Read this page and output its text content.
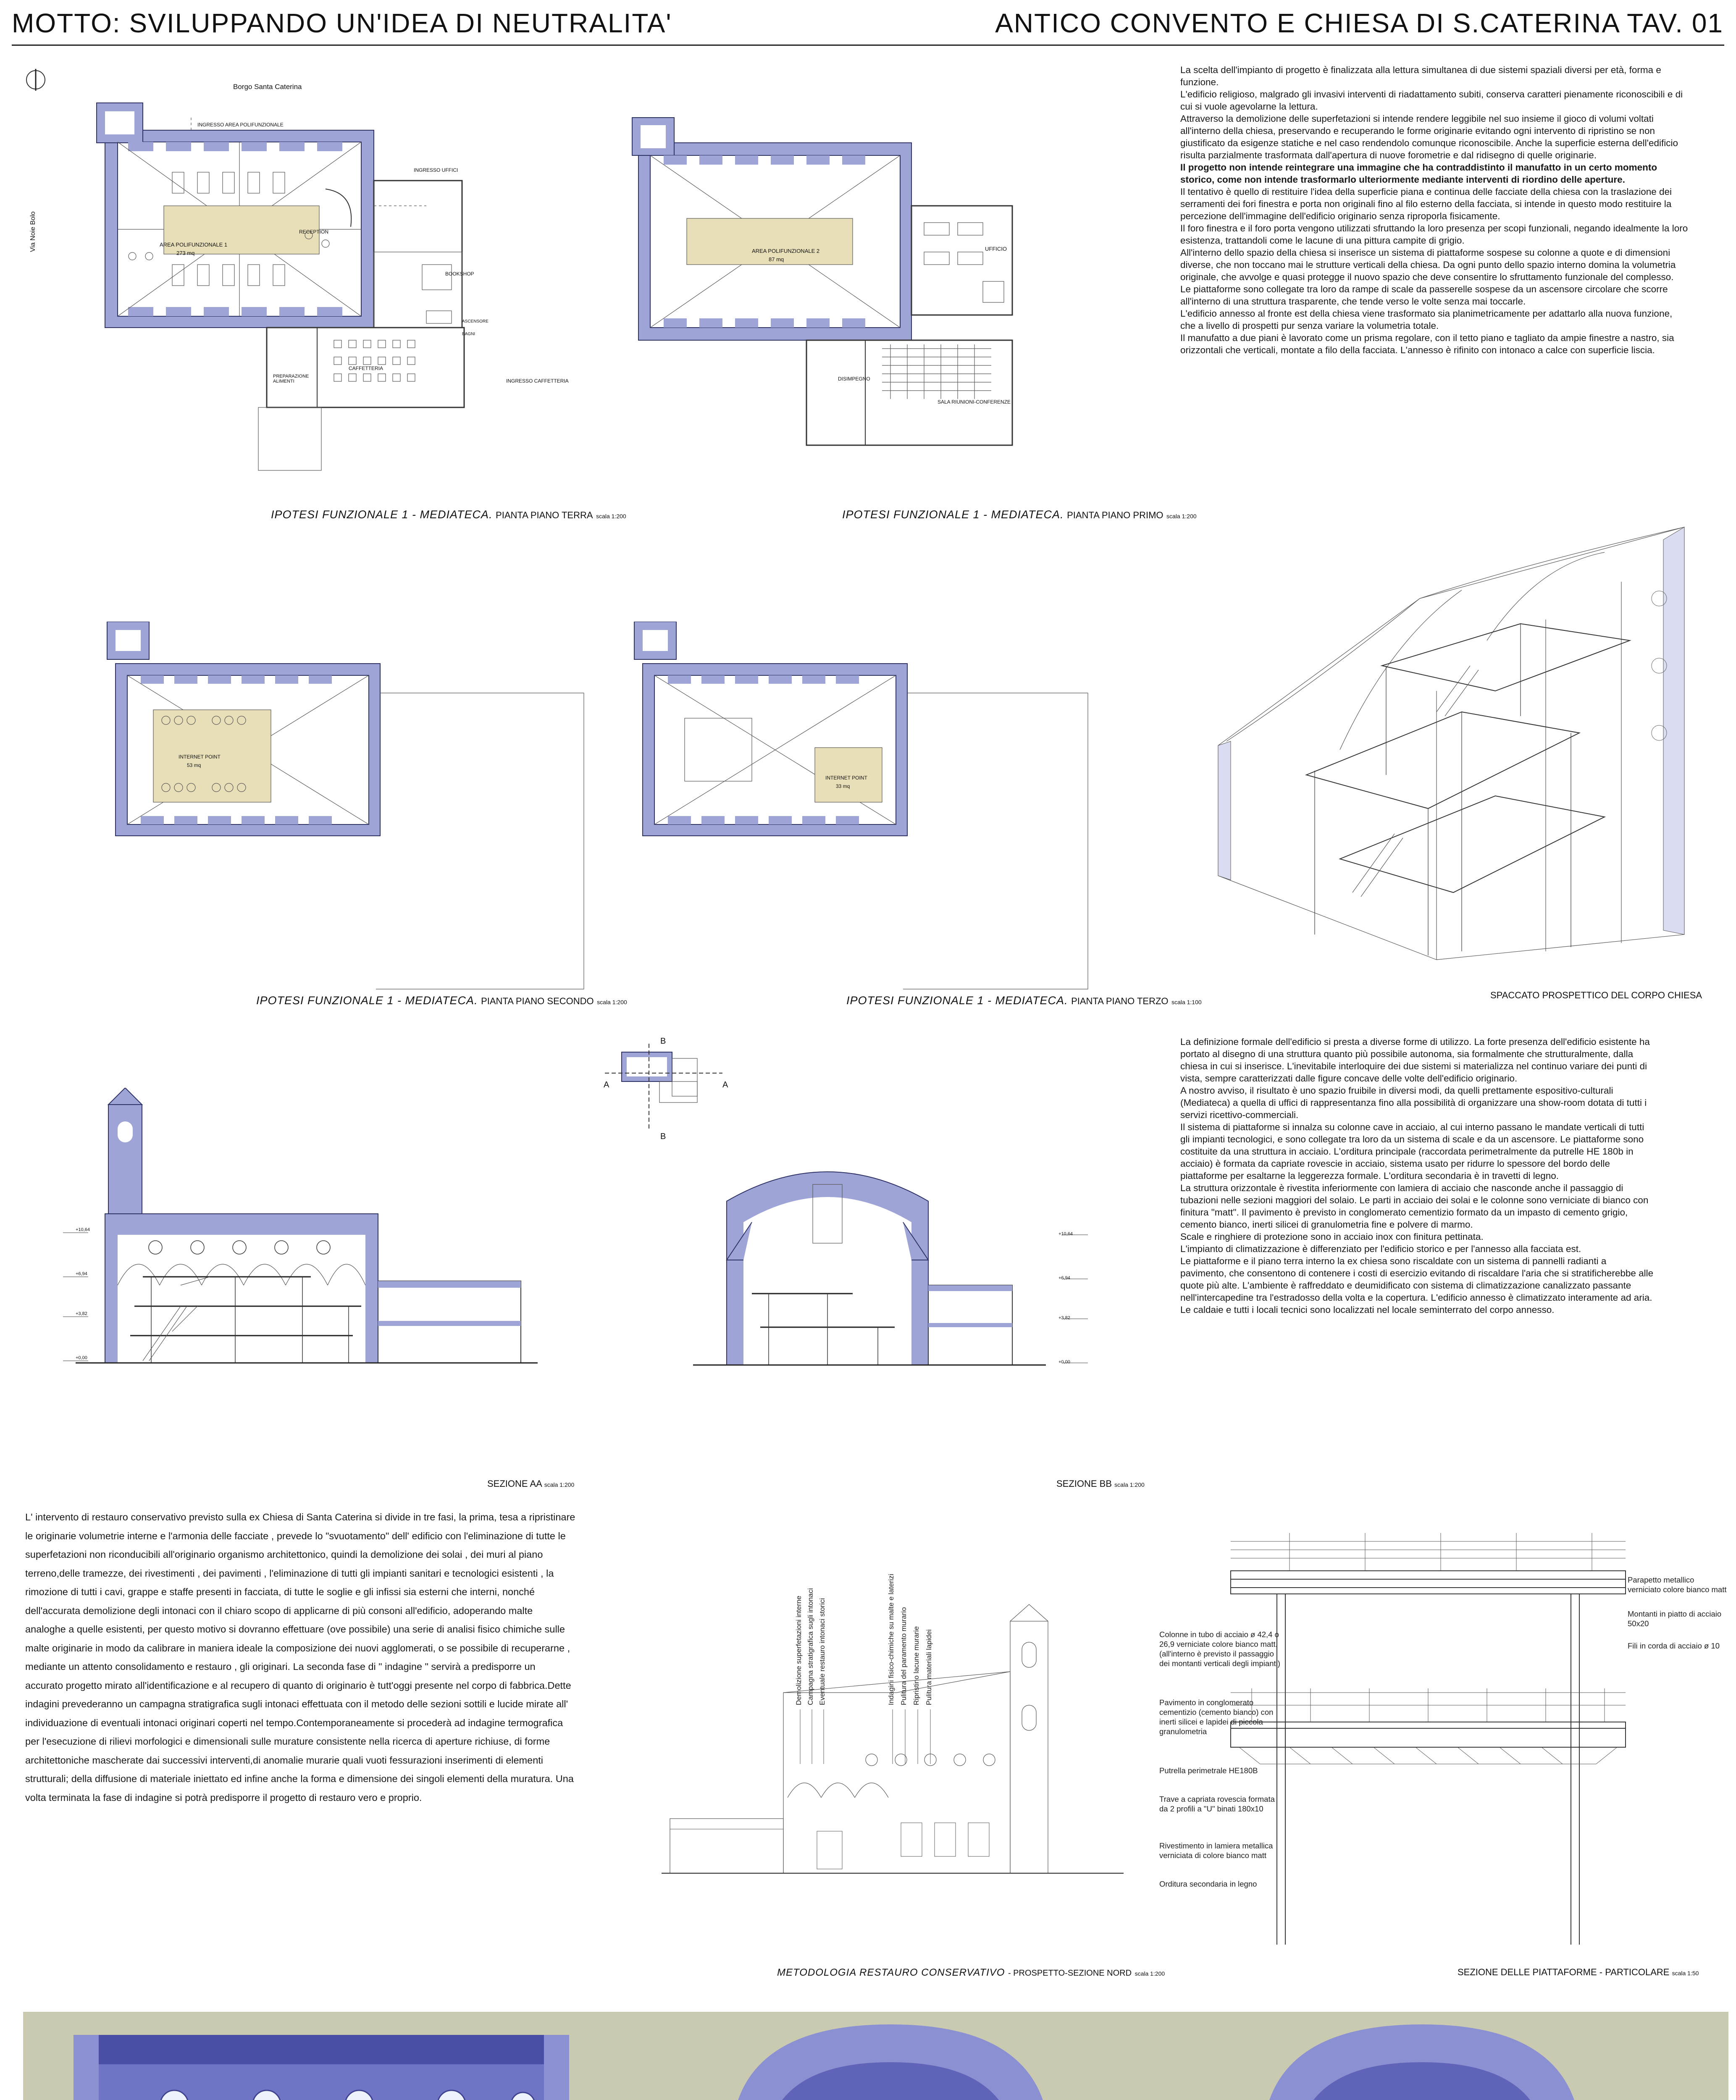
MOTTO: SVILUPPANDO UN'IDEA DI NEUTRALITA'	ANTICO CONVENTO E CHIESA DI S.CATERINA TAV. 01
Borgo Santa Caterina
Via Noie Bolo
INGRESSO AREA POLIFUNZIONALE
AREA POLIFUNZIONALE 1
273 mq
RECEPTION
INGRESSO UFFICI
BOOKSHOP
ASCENSORE
BAGNI
PREPARAZIONE ALIMENTI
CAFFETTERIA
INGRESSO CAFFETTERIA
IPOTESI FUNZIONALE 1 - MEDIATECA. PIANTA PIANO TERRA scala 1:200
AREA POLIFUNZIONALE 2
87 mq
UFFICIO
DISIMPEGNO
SALA RIUNIONI-CONFERENZE
IPOTESI FUNZIONALE 1 - MEDIATECA. PIANTA PIANO PRIMO scala 1:200

La scelta dell'impianto di progetto è finalizzata alla lettura simultanea di due sistemi spaziali diversi per età, forma e funzione.

L'edificio religioso, malgrado gli invasivi interventi di riadattamento subiti, conserva caratteri pienamente riconoscibili e di cui si vuole agevolarne la lettura.

Attraverso la demolizione delle superfetazioni si intende rendere leggibile nel suo insieme il gioco di volumi voltati all'interno della chiesa, preservando e recuperando le forme originarie evitando ogni intervento di ripristino se non giustificato da esigenze statiche e nel caso rendendolo comunque riconoscibile. Anche la superficie esterna dell'edificio risulta parzialmente trasformata dall'apertura di nuove forometrie e dal ridisegno di quelle originarie.

Il progetto non intende reintegrare una immagine che ha contraddistinto il manufatto in un certo momento storico, come non intende trasformarlo ulteriormente mediante interventi di riordino delle aperture.

Il tentativo è quello di restituire l'idea della superficie piana e continua delle facciate della chiesa con la traslazione dei serramenti dei fori finestra e porta non originali fino al filo esterno della facciata, si intende in questo modo restituire la percezione dell'immagine dell'edificio originario senza riproporla fisicamente.

Il foro finestra e il foro porta vengono utilizzati sfruttando la loro presenza per scopi funzionali, negando idealmente la loro esistenza, trattandoli come le lacune di una pittura campite di grigio.

All'interno dello spazio della chiesa si inserisce un sistema di piattaforme sospese su colonne a quote e di dimensioni diverse, che non toccano mai le strutture verticali della chiesa. Da ogni punto dello spazio interno domina la volumetria originale, che avvolge e quasi protegge il nuovo spazio che deve consentire lo sfruttamento funzionale del complesso.

Le piattaforme sono collegate tra loro da rampe di scale da passerelle sospese da un ascensore circolare che scorre all'interno di una struttura trasparente, che tende verso le volte senza mai toccarle.

L'edificio annesso al fronte est della chiesa viene trasformato sia planimetricamente per adattarlo alla nuova funzione, che a livello di prospetti pur senza variare la volumetria totale.

Il manufatto a due piani è lavorato come un prisma regolare, con il tetto piano e tagliato da ampie finestre a nastro, sia orizzontali che verticali, montate a filo della facciata. L'annesso è rifinito con intonaco a calce con superficie liscia.

INTERNET POINT
53 mq
IPOTESI FUNZIONALE 1 - MEDIATECA. PIANTA PIANO SECONDO scala 1:200
INTERNET POINT
33 mq
IPOTESI FUNZIONALE 1 - MEDIATECA. PIANTA PIANO TERZO scala 1:100
SPACCATO PROSPETTICO DEL CORPO CHIESA
B
B
A	A

La definizione formale dell'edificio si presta a diverse forme di utilizzo. La forte presenza dell'edificio esistente ha portato al disegno di una struttura quanto più possibile autonoma, sia formalmente che strutturalmente, dalla chiesa in cui si inserisce. L'inevitabile interloquire dei due sistemi si materializza nel continuo variare dei punti di vista, sempre caratterizzati dalle figure concave delle volte dell'edificio originario.

A nostro avviso, il risultato è uno spazio fruibile in diversi modi, da quelli prettamente espositivo-culturali (Mediateca) a quella di uffici di rappresentanza fino alla possibilità di organizzare una show-room dotata di tutti i servizi ricettivo-commerciali.

Il sistema di piattaforme si innalza su colonne cave in acciaio, al cui interno passano le mandate verticali di tutti gli impianti tecnologici, e sono collegate tra loro da un sistema di scale e da un ascensore. Le piattaforme sono costituite da una struttura in acciaio. L'orditura principale (raccordata perimetralmente da putrelle HE 180b in acciaio) è formata da capriate rovescie in acciaio, sistema usato per ridurre lo spessore del bordo delle piattaforme per esaltarne la leggerezza formale. L'orditura secondaria è in travetti di legno.

La struttura orizzontale è rivestita inferiormente con lamiera di acciaio che nasconde anche il passaggio di tubazioni nelle sezioni maggiori del solaio. Le parti in acciaio dei solai e le colonne sono verniciate di bianco con finitura "matt". Il pavimento è previsto in conglomerato cementizio formato da un impasto di cemento grigio, cemento bianco, inerti silicei di granulometria fine e polvere di marmo.

Scale e ringhiere di protezione sono in acciaio inox con finitura pettinata.

L'impianto di climatizzazione è differenziato per l'edificio storico e per l'annesso alla facciata est.

Le piattaforme e il piano terra interno la ex chiesa sono riscaldate con un sistema di pannelli radianti a pavimento, che consentono di contenere i costi di esercizio evitando di riscaldare l'aria che si stratificherebbe alle quote più alte. L'ambiente è raffreddato e deumidificato con sistema di climatizzazione canalizzato passante nell'intercapedine tra l'estradosso della volta e la copertura. L'edificio annesso è climatizzato interamente ad aria. Le caldaie e tutti i locali tecnici sono localizzati nel locale seminterrato del corpo annesso.

+10,64
+6,94
+3,82
+0,00
SEZIONE AA scala 1:200
+10,64
+6,94
+3,82
+0,00
SEZIONE BB scala 1:200
L' intervento di restauro conservativo previsto sulla ex Chiesa di Santa Caterina si divide in tre fasi, la prima, tesa a ripristinare le originarie volumetrie interne e l'armonia delle facciate , prevede lo "svuotamento" dell' edificio con l'eliminazione di tutte le superfetazioni non riconducibili all'originario organismo architettonico, quindi la demolizione dei solai , dei muri al piano terreno,delle tramezze, dei rivestimenti , dei pavimenti , l'eliminazione di tutti gli impianti sanitari e tecnologici esistenti , la rimozione di tutti i cavi, grappe e staffe presenti in facciata, di tutte le soglie e gli infissi sia esterni che interni, nonché dell'accurata demolizione degli intonaci con il chiaro scopo di applicarne di più consoni all'edificio, adoperando malte analoghe a quelle esistenti, per questo motivo si dovranno effettuare (ove possibile) una serie di analisi fisico chimiche sulle malte originarie in modo da calibrare in maniera ideale la composizione dei nuovi agglomerati, o se possibile di recuperarne , mediante un attento consolidamento e restauro , gli originari. La seconda fase di " indagine " servirà a predisporre un accurato progetto mirato all'identificazione e al recupero di quanto di originario è tutt'oggi presente nel corpo di fabbrica.Dette indagini prevederanno un campagna stratigrafica sugli intonaci effettuata con il metodo delle sezioni sottili e lucide mirate all' individuazione di eventuali intonaci originari coperti nel tempo.Contemporaneamente si procederà ad indagine termografica per l'esecuzione di rilievi morfologici e dimensionali sulle murature consistente nella ricerca di aperture richiuse, di forme architettoniche mascherate dai successivi interventi,di anomalie murarie quali vuoti fessurazioni inserimenti di elementi strutturali; della diffusione di materiale iniettato ed infine anche la forma e dimensione dei singoli elementi della muratura. Una volta terminata la fase di indagine si potrà predisporre il progetto di restauro vero e proprio.
Demolizione superfetazioni interne Campagna stratigrafica sugli intonaci Eventuale restauro intonaci storici	Indagini fisico-chimiche su malte e laterizi Pulitura del paramento murario Ripristino lacune murarie Pulitura materiali lapidei
METODOLOGIA RESTAURO CONSERVATIVO - PROSPETTO-SEZIONE NORD scala 1:200
Colonne in tubo di acciaio ø 42,4 o 26,9 verniciate colore bianco matt. (all'interno è previsto il passaggio dei montanti verticali degli impianti)
Pavimento in conglomerato cementizio (cemento bianco) con inerti silicei e lapidei di piccola granulometria
Putrella perimetrale HE180B
Trave a capriata rovescia formata da 2 profili a "U" binati 180x10
Rivestimento in lamiera metallica verniciata di colore bianco matt
Orditura secondaria in legno
Parapetto metallico verniciato colore bianco matt
Montanti in piatto di acciaio 50x20
Fili in corda di acciaio ø 10
SEZIONE DELLE PIATTAFORME - PARTICOLARE scala 1:50
